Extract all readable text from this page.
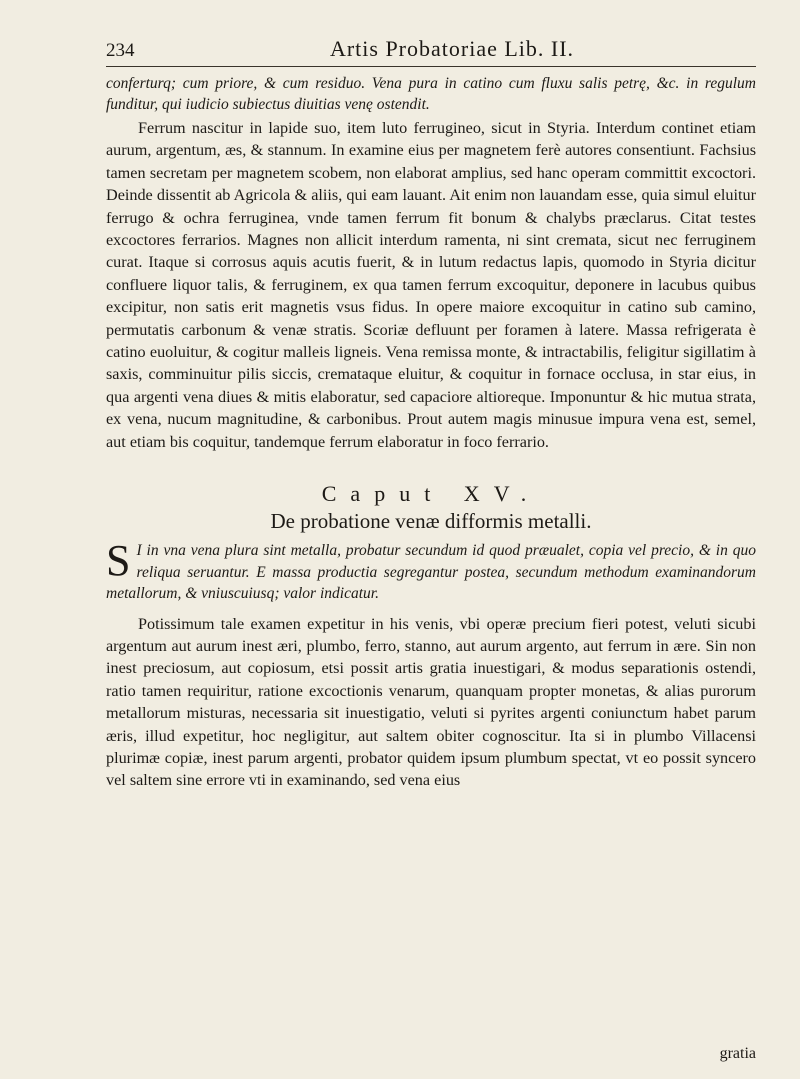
234	Artis Probatoriae Lib. II.

conferturq; cum priore, & cum residuo. Vena pura in catino cum fluxu salis petrę, &c. in regulum funditur, qui iudicio subiectus diuitias venę ostendit.

Ferrum nascitur in lapide suo, item luto ferrugineo, sicut in Styria. Interdum continet etiam aurum, argentum, æs, & stannum. In examine eius per magnetem ferè autores consentiunt. Fachsius tamen secretam per magnetem scobem, non elaborat amplius, sed hanc operam committit excoctori. Deinde dissentit ab Agricola & aliis, qui eam lauant. Ait enim non lauandam esse, quia simul eluitur ferrugo & ochra ferruginea, vnde tamen ferrum fit bonum & chalybs præclarus. Citat testes excoctores ferrarios. Magnes non allicit interdum ramenta, ni sint cremata, sicut nec ferruginem curat. Itaque si corrosus aquis acutis fuerit, & in lutum redactus lapis, quomodo in Styria dicitur confluere liquor talis, & ferruginem, ex qua tamen ferrum excoquitur, deponere in lacubus quibus excipitur, non satis erit magnetis vsus fidus. In opere maiore excoquitur in catino sub camino, permutatis carbonum & venæ stratis. Scoriæ defluunt per foramen à latere. Massa refrigerata è catino euoluitur, & cogitur malleis ligneis. Vena remissa monte, & intractabilis, feligitur sigillatim à saxis, comminuitur pilis siccis, cremataque eluitur, & coquitur in fornace occlusa, in star eius, in qua argenti vena diues & mitis elaboratur, sed capaciore altioreque. Imponuntur & hic mutua strata, ex vena, nucum magnitudine, & carbonibus. Prout autem magis minusue impura vena est, semel, aut etiam bis coquitur, tandemque ferrum elaboratur in foco ferrario.

Caput XV.
De probatione venæ difformis metalli.

S I in vna vena plura sint metalla, probatur secundum id quod præualet, copia vel precio, & in quo reliqua seruantur. E massa productia segregantur postea, secundum methodum examinandorum metallorum, & vniuscuiusq; valor indicatur.

Potissimum tale examen expetitur in his venis, vbi operæ precium fieri potest, veluti sicubi argentum aut aurum inest æri, plumbo, ferro, stanno, aut aurum argento, aut ferrum in ære. Sin non inest preciosum, aut copiosum, etsi possit artis gratia inuestigari, & modus separationis ostendi, ratio tamen requiritur, ratione excoctionis venarum, quanquam propter monetas, & alias purorum metallorum misturas, necessaria sit inuestigatio, veluti si pyrites argenti coniunctum habet parum æris, illud expetitur, hoc negligitur, aut saltem obiter cognoscitur. Ita si in plumbo Villacensi plurimæ copiæ, inest parum argenti, probator quidem ipsum plumbum spectat, vt eo possit syncero vel saltem sine errore vti in examinando, sed vena eius

gratia
